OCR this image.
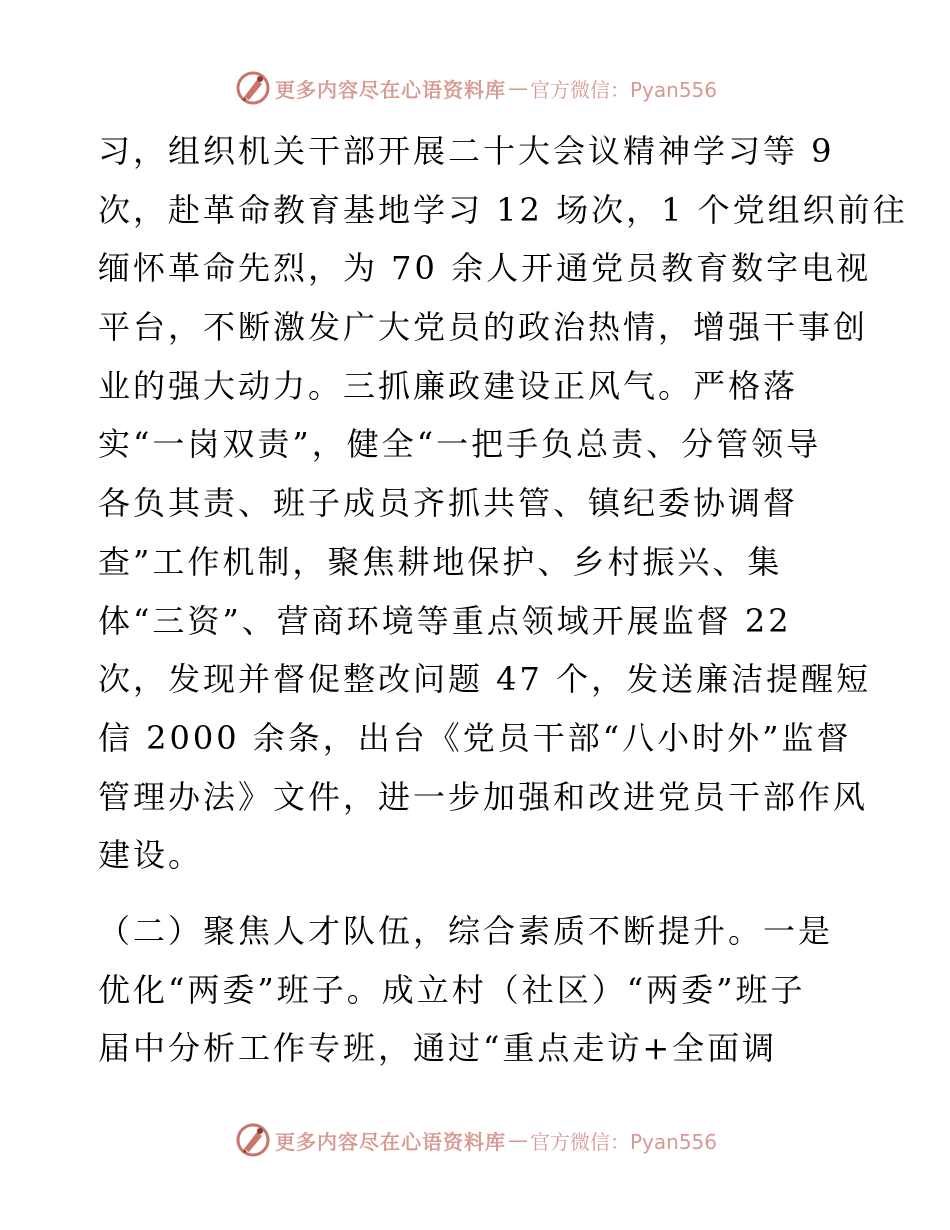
更多内容尽在心语资料库 — 官方微信：Pyan556
习，组织机关干部开展二十大会议精神学习等 9
次，赴革命教育基地学习 12 场次，1 个党组织前往
缅怀革命先烈，为 70 余人开通党员教育数字电视
平台，不断激发广大党员的政治热情，增强干事创
业的强大动力。三抓廉政建设正风气。严格落
实“一岗双责”，健全“一把手负总责、分管领导
各负其责、班子成员齐抓共管、镇纪委协调督
查”工作机制，聚焦耕地保护、乡村振兴、集
体“三资”、营商环境等重点领域开展监督 22
次，发现并督促整改问题 47 个，发送廉洁提醒短
信 2000 余条，出台《党员干部“八小时外”监督
管理办法》文件，进一步加强和改进党员干部作风
建设。
（二）聚焦人才队伍，综合素质不断提升。一是
优化“两委”班子。成立村（社区）“两委”班子
届中分析工作专班，通过“重点走访+全面调
更多内容尽在心语资料库 — 官方微信：Pyan556
